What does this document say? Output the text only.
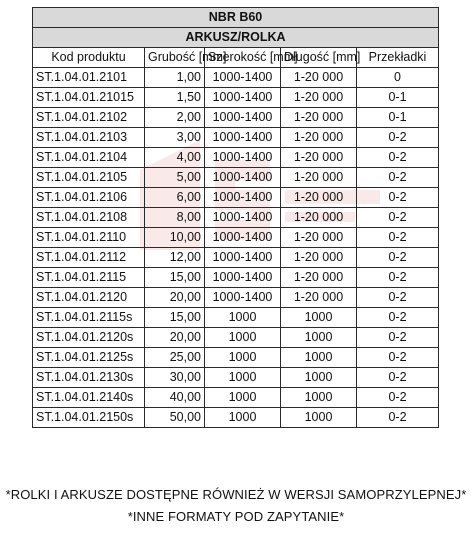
NBR B60				
ARKUSZ/ROLKA				
Kod produktu	Grubość [mm]	Szerokość [mm]	Długość [mm]	Przekładki
ST.1.04.01.2101	1,00	1000-1400	1-20 000	0
ST.1.04.01.21015	1,50	1000-1400	1-20 000	0-1
ST.1.04.01.2102	2,00	1000-1400	1-20 000	0-1
ST.1.04.01.2103	3,00	1000-1400	1-20 000	0-2
ST.1.04.01.2104	4,00	1000-1400	1-20 000	0-2
ST.1.04.01.2105	5,00	1000-1400	1-20 000	0-2
ST.1.04.01.2106	6,00	1000-1400	1-20 000	0-2
ST.1.04.01.2108	8,00	1000-1400	1-20 000	0-2
ST.1.04.01.2110	10,00	1000-1400	1-20 000	0-2
ST.1.04.01.2112	12,00	1000-1400	1-20 000	0-2
ST.1.04.01.2115	15,00	1000-1400	1-20 000	0-2
ST.1.04.01.2120	20,00	1000-1400	1-20 000	0-2
ST.1.04.01.2115s	15,00	1000	1000	0-2
ST.1.04.01.2120s	20,00	1000	1000	0-2
ST.1.04.01.2125s	25,00	1000	1000	0-2
ST.1.04.01.2130s	30,00	1000	1000	0-2
ST.1.04.01.2140s	40,00	1000	1000	0-2
ST.1.04.01.2150s	50,00	1000	1000	0-2
*ROLKI I ARKUSZE DOSTĘPNE RÓWNIEŻ W WERSJI SAMOPRZYLEPNEJ*
*INNE FORMATY POD ZAPYTANIE*
